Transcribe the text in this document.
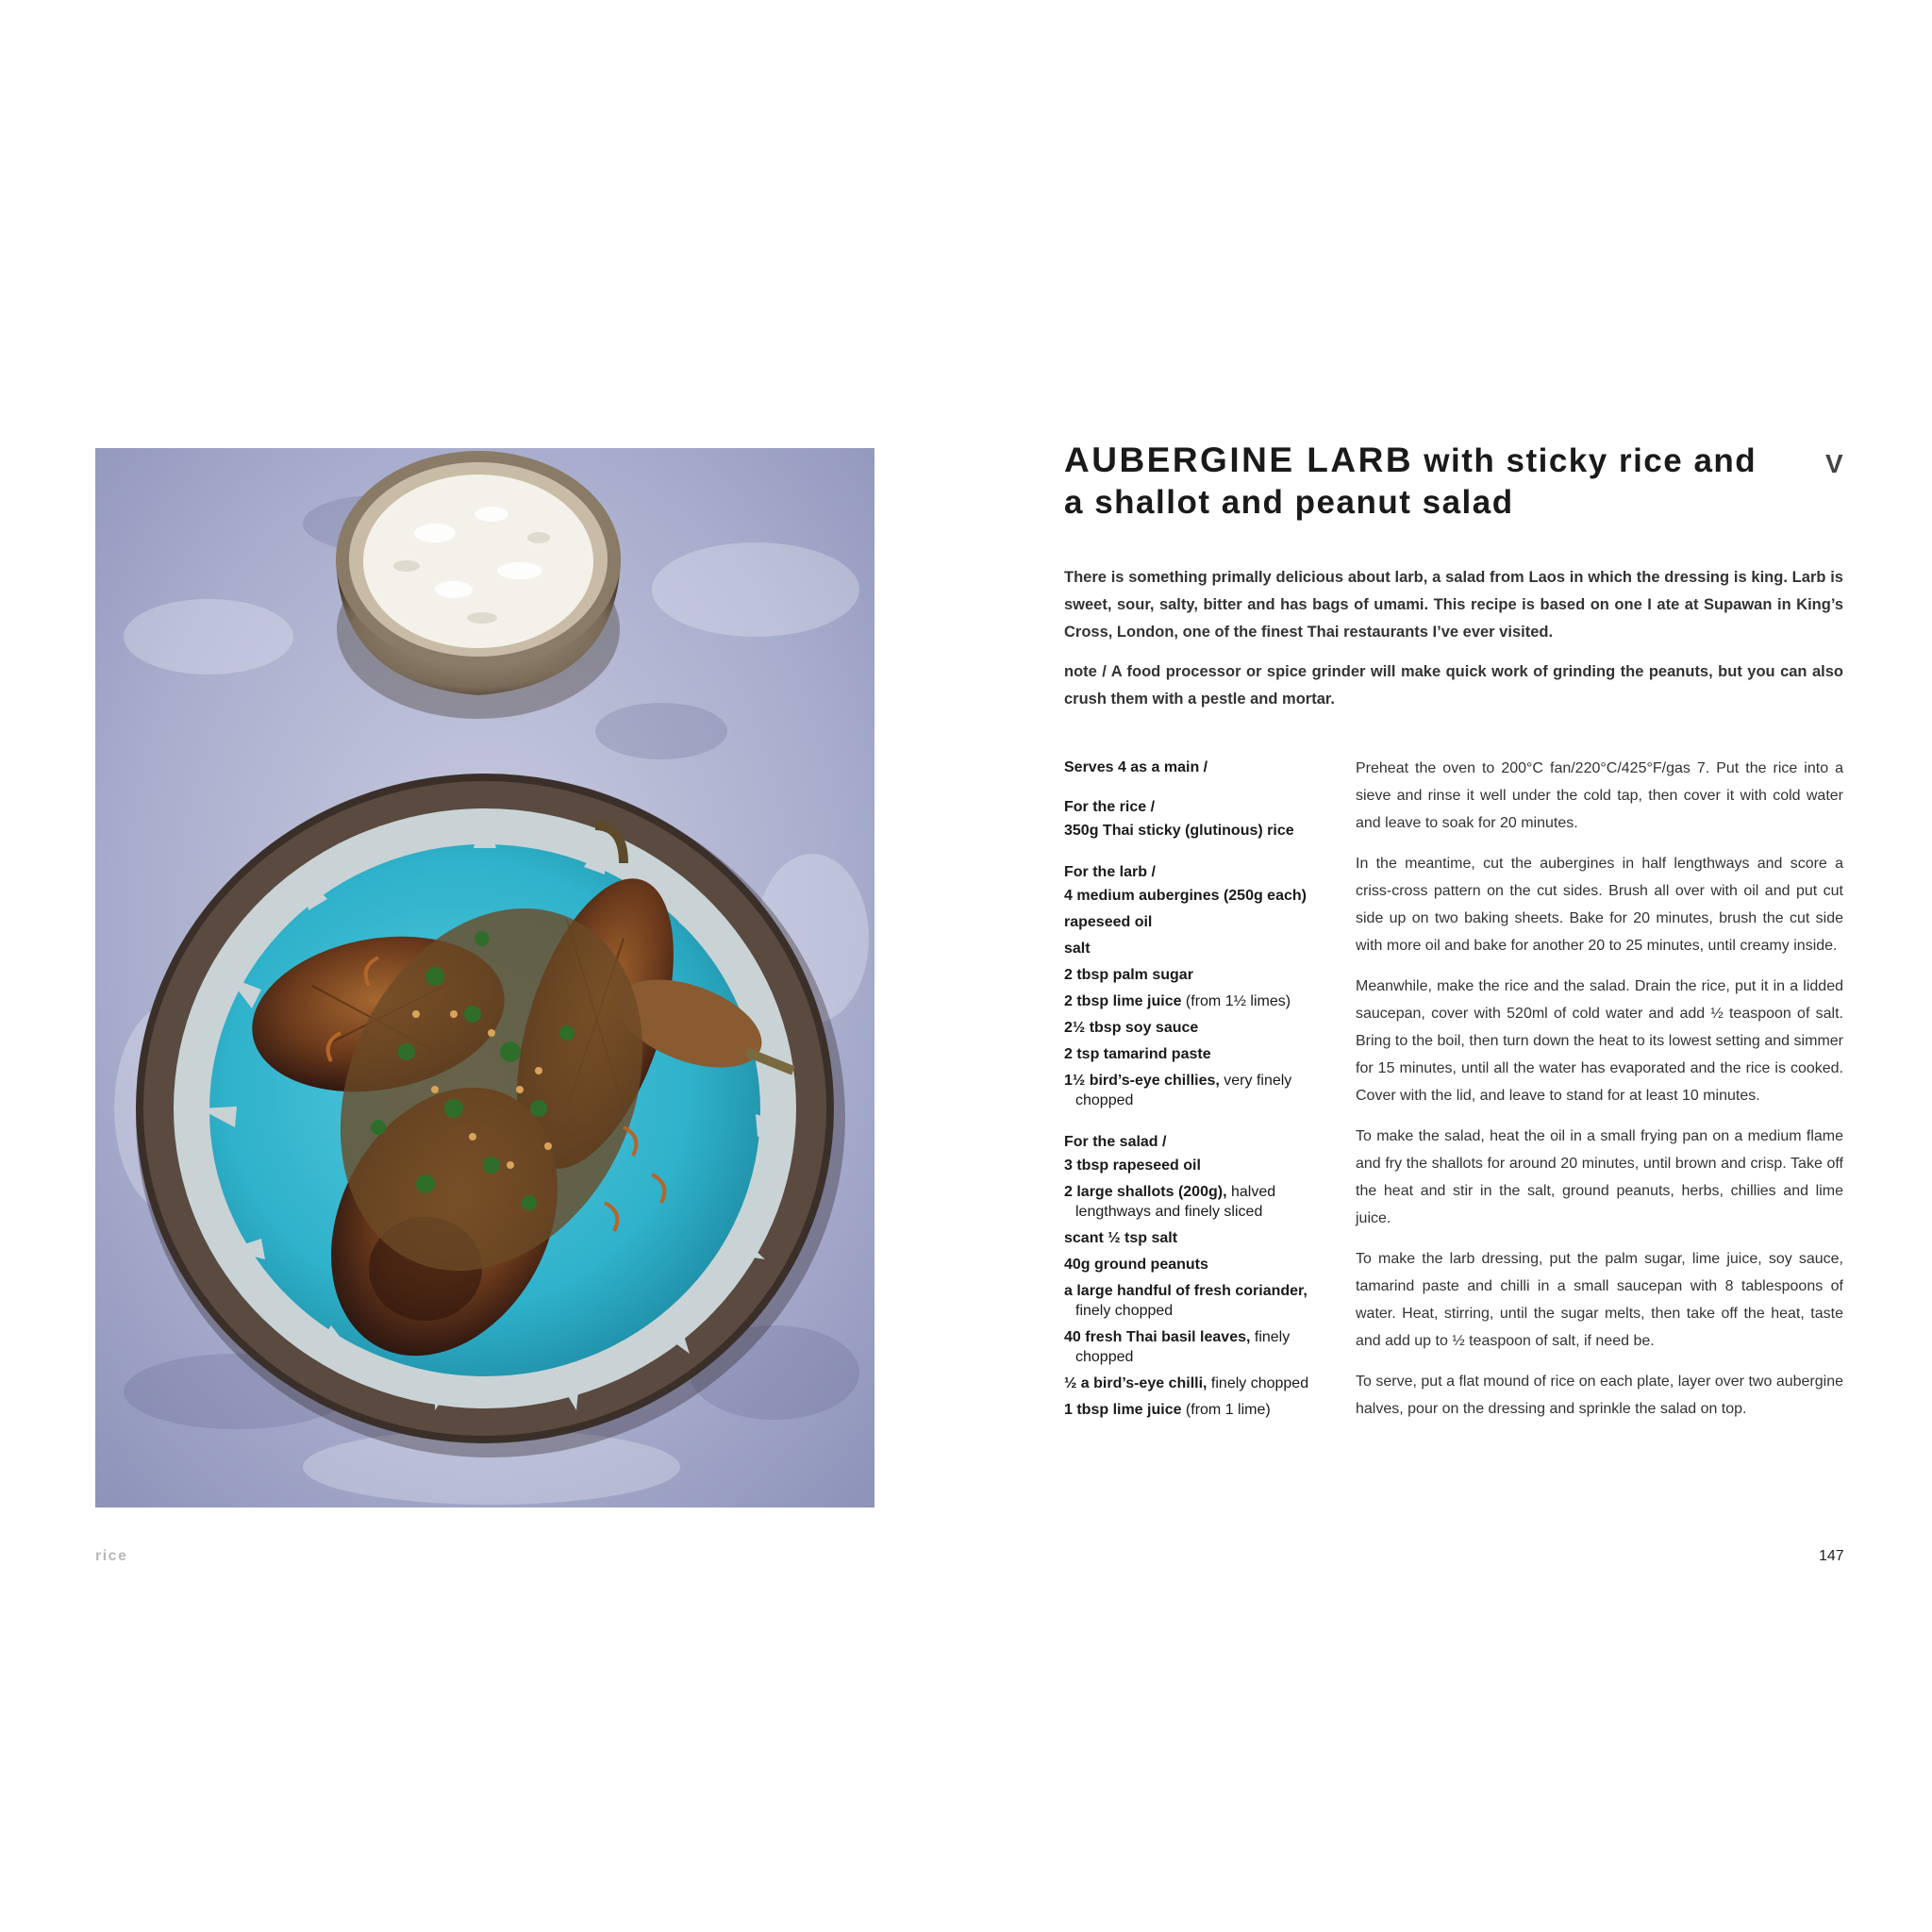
AUBERGINE LARB with sticky rice and
a shallot and peanut salad
V

There is something primally delicious about larb, a salad from Laos in which the dressing is king. Larb is sweet, sour, salty, bitter and has bags of umami. This recipe is based on one I ate at Supawan in King’s Cross, London, one of the finest Thai restaurants I’ve ever visited.

note / A food processor or spice grinder will make quick work of grinding the peanuts, but you can also crush them with a pestle and mortar.

Serves 4 as a main /
For the rice /
350g Thai sticky (glutinous) rice
For the larb /
4 medium aubergines (250g each)
rapeseed oil
salt
2 tbsp palm sugar
2 tbsp lime juice (from 1½ limes)
2½ tbsp soy sauce
2 tsp tamarind paste
1½ bird’s-eye chillies, very finely chopped
For the salad /
3 tbsp rapeseed oil
2 large shallots (200g), halved lengthways and finely sliced
scant ½ tsp salt
40g ground peanuts
a large handful of fresh coriander, finely chopped
40 fresh Thai basil leaves, finely chopped
½ a bird’s-eye chilli, finely chopped
1 tbsp lime juice (from 1 lime)

Preheat the oven to 200°C fan/220°C/425°F/gas 7. Put the rice into a sieve and rinse it well under the cold tap, then cover it with cold water and leave to soak for 20 minutes.

In the meantime, cut the aubergines in half lengthways and score a criss-cross pattern on the cut sides. Brush all over with oil and put cut side up on two baking sheets. Bake for 20 minutes, brush the cut side with more oil and bake for another 20 to 25 minutes, until creamy inside.

Meanwhile, make the rice and the salad. Drain the rice, put it in a lidded saucepan, cover with 520ml of cold water and add ½ teaspoon of salt. Bring to the boil, then turn down the heat to its lowest setting and simmer for 15 minutes, until all the water has evaporated and the rice is cooked. Cover with the lid, and leave to stand for at least 10 minutes.

To make the salad, heat the oil in a small frying pan on a medium flame and fry the shallots for around 20 minutes, until brown and crisp. Take off the heat and stir in the salt, ground peanuts, herbs, chillies and lime juice.

To make the larb dressing, put the palm sugar, lime juice, soy sauce, tamarind paste and chilli in a small saucepan with 8 tablespoons of water. Heat, stirring, until the sugar melts, then take off the heat, taste and add up to ½ teaspoon of salt, if need be.

To serve, put a flat mound of rice on each plate, layer over two aubergine halves, pour on the dressing and sprinkle the salad on top.

rice	147
